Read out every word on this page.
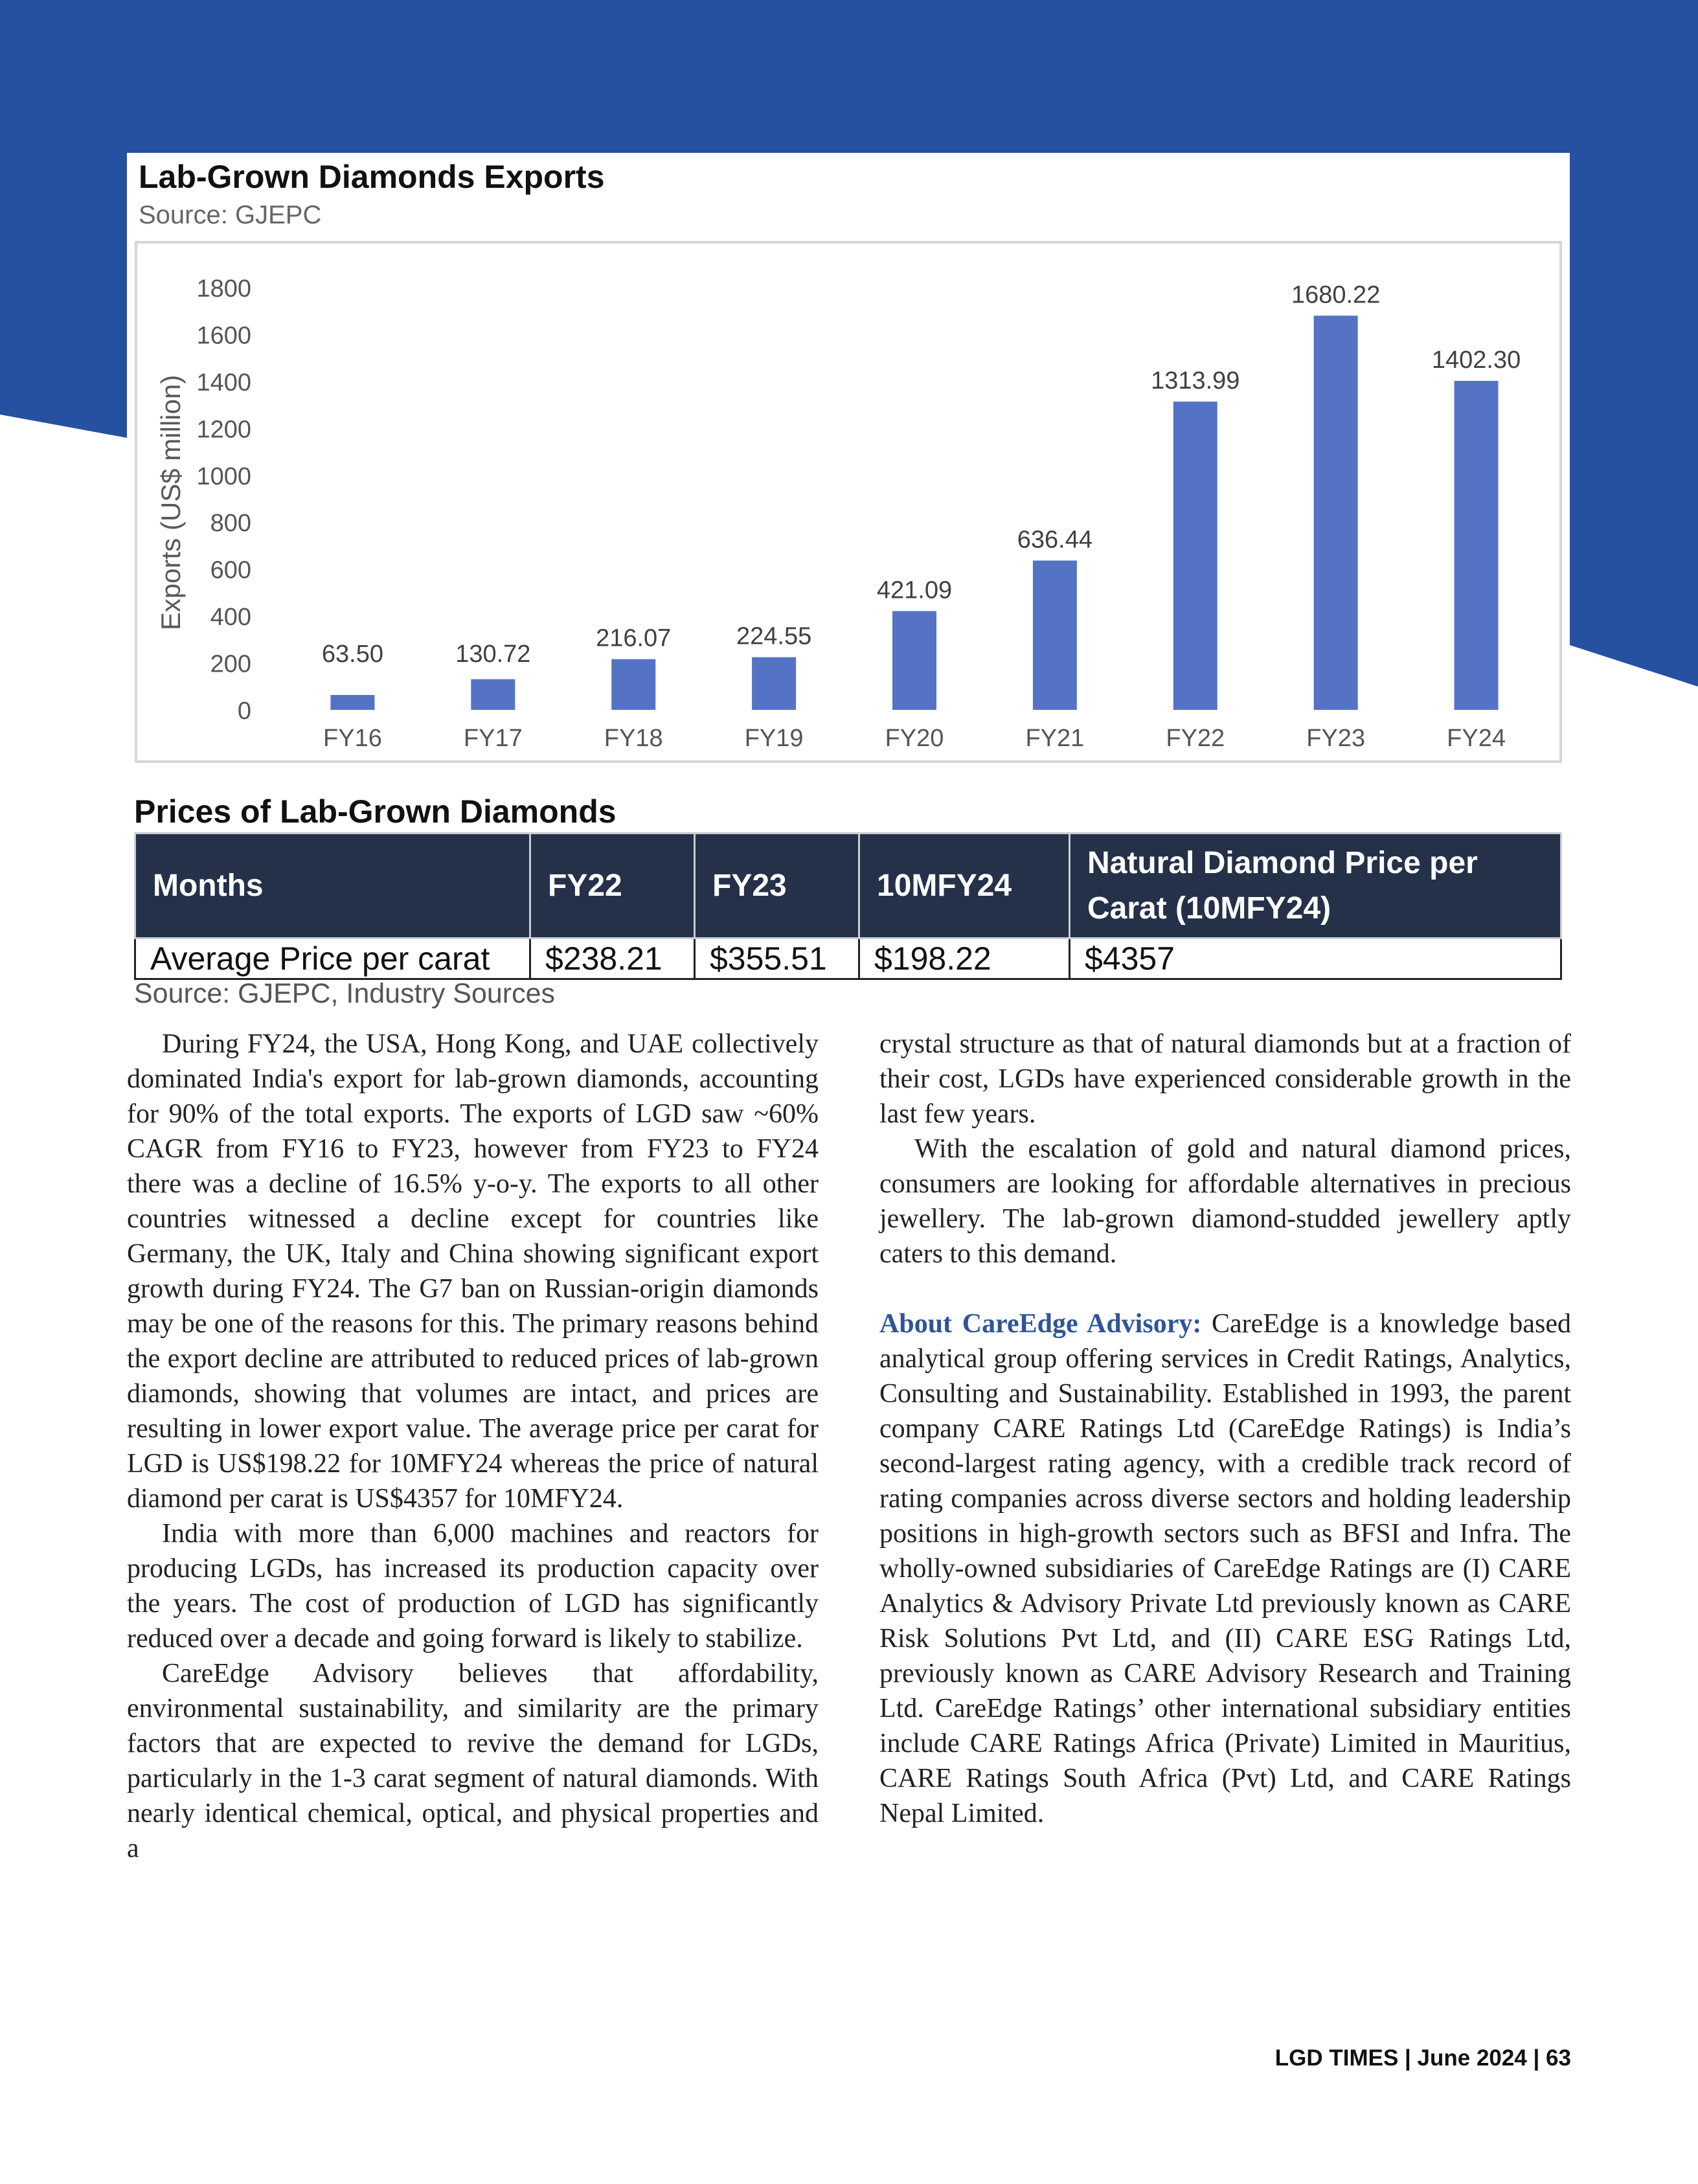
Lab-Grown Diamonds Exports
Source: GJEPC
Exports (US$ million)
0
200
400
600
800
1000
1200
1400
1600
1800
63.50
FY16
130.72
FY17
216.07
FY18
224.55
FY19
421.09
FY20
636.44
FY21
1313.99
FY22
1680.22
FY23
1402.30
FY24
Prices of Lab-Grown Diamonds
Months	FY22	FY23	10MFY24	Natural Diamond Price per Carat (10MFY24)
Average Price per carat	$238.21	$355.51	$198.22	$4357
Source: GJEPC, Industry Sources

During FY24, the USA, Hong Kong, and UAE collectively dominated India's export for lab-grown diamonds, accounting for 90% of the total exports. The exports of LGD saw ~60% CAGR from FY16 to FY23, however from FY23 to FY24 there was a decline of 16.5% y-o-y. The exports to all other countries witnessed a decline except for countries like Germany, the UK, Italy and China showing significant export growth during FY24. The G7 ban on Russian-origin diamonds may be one of the reasons for this. The primary reasons behind the export decline are attributed to reduced prices of lab-grown diamonds, showing that volumes are intact, and prices are resulting in lower export value. The average price per carat for LGD is US$198.22 for 10MFY24 whereas the price of natural diamond per carat is US$4357 for 10MFY24.

India with more than 6,000 machines and reactors for producing LGDs, has increased its production capacity over the years. The cost of production of LGD has significantly reduced over a decade and going forward is likely to stabilize.

CareEdge Advisory believes that affordability, environmental sustainability, and similarity are the primary factors that are expected to revive the demand for LGDs, particularly in the 1-3 carat segment of natural diamonds. With nearly identical chemical, optical, and physical properties and a

crystal structure as that of natural diamonds but at a fraction of their cost, LGDs have experienced considerable growth in the last few years.

With the escalation of gold and natural diamond prices, consumers are looking for affordable alternatives in precious jewellery. The lab-grown diamond-studded jewellery aptly caters to this demand.

About CareEdge Advisory: CareEdge is a knowledge based analytical group offering services in Credit Ratings, Analytics, Consulting and Sustainability. Established in 1993, the parent company CARE Ratings Ltd (CareEdge Ratings) is India’s second-largest rating agency, with a credible track record of rating companies across diverse sectors and holding leadership positions in high-growth sectors such as BFSI and Infra. The wholly-owned subsidiaries of CareEdge Ratings are (I) CARE Analytics & Advisory Private Ltd previously known as CARE Risk Solutions Pvt Ltd, and (II) CARE ESG Ratings Ltd, previously known as CARE Advisory Research and Training Ltd. CareEdge Ratings’ other international subsidiary entities include CARE Ratings Africa (Private) Limited in Mauritius, CARE Ratings South Africa (Pvt) Ltd, and CARE Ratings Nepal Limited.

LGD TIMES | June 2024 | 63
